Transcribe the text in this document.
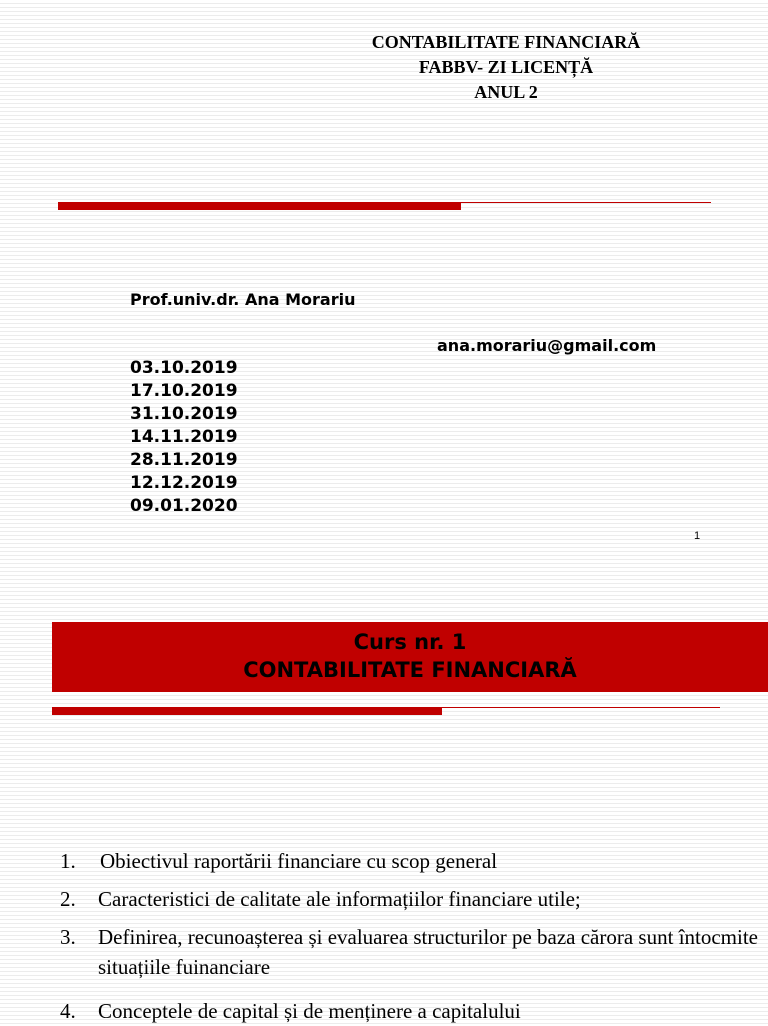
CONTABILITATE FINANCIARĂ
FABBV- ZI LICENȚĂ
ANUL 2
Prof.univ.dr. Ana Morariu
ana.morariu@gmail.com
03.10.2019
17.10.2019
31.10.2019
14.11.2019
28.11.2019
12.12.2019
09.01.2020
1
Curs nr. 1
CONTABILITATE FINANCIARĂ
1. Obiectivul raportării financiare cu scop general
2. Caracteristici de calitate ale informațiilor financiare utile;
3. Definirea, recunoașterea și evaluarea structurilor pe baza cărora sunt întocmite situațiile fuinanciare
4. Conceptele de capital și de menținere a capitalului
